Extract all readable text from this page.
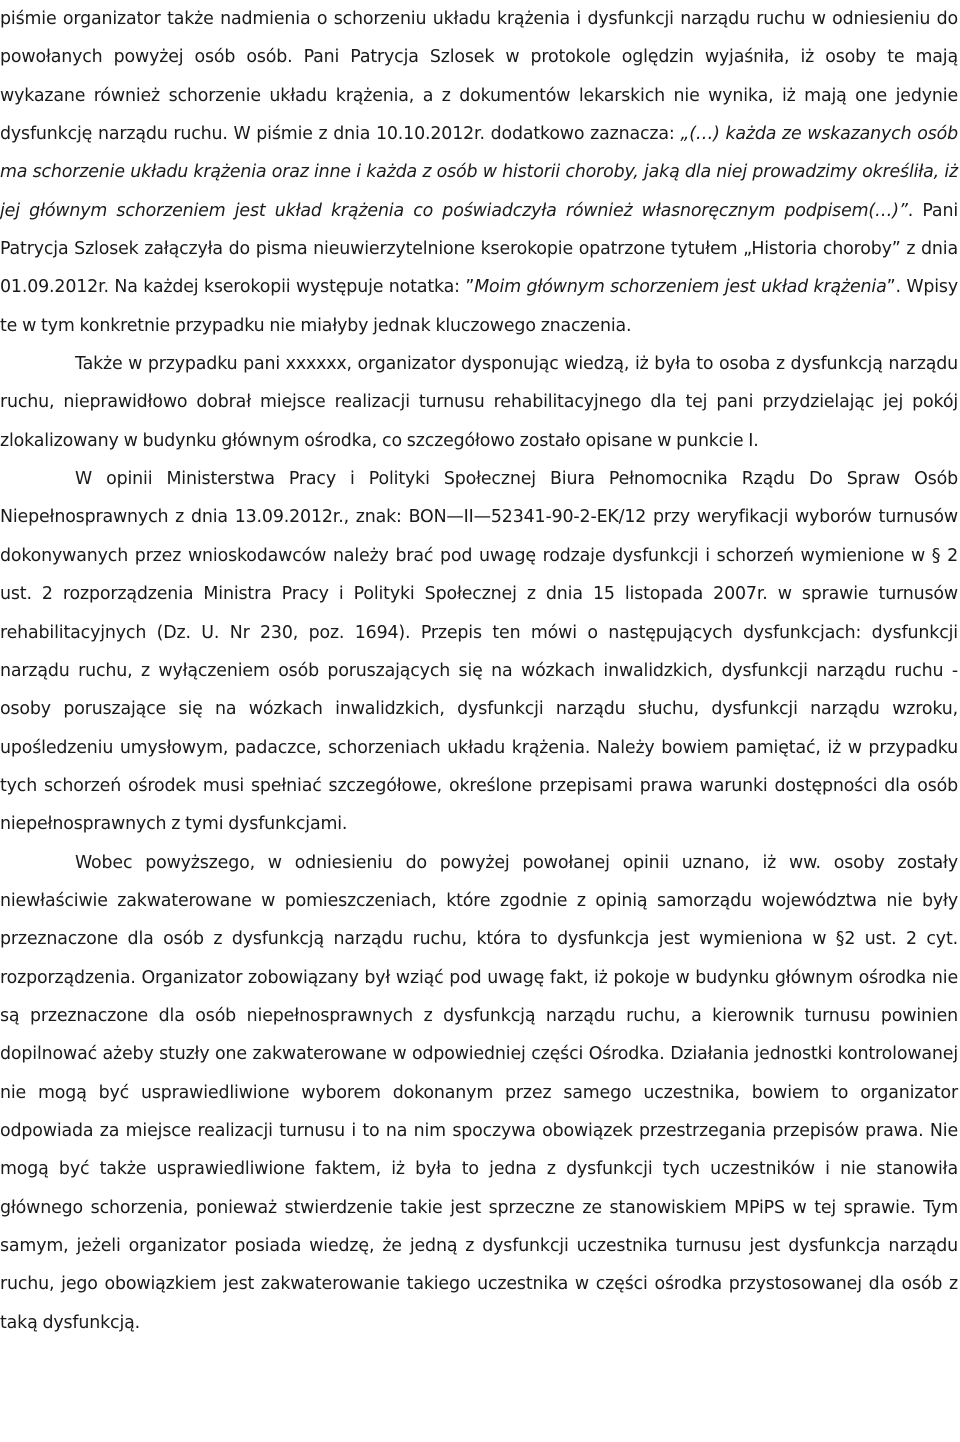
piśmie organizator także nadmienia o schorzeniu układu krążenia i dysfunkcji narządu ruchu w odniesieniu do powołanych powyżej osób osób. Pani Patrycja Szlosek w protokole oględzin wyjaśniła, iż osoby te mają wykazane również schorzenie układu krążenia, a z dokumentów lekarskich nie wynika, iż mają one jedynie dysfunkcję narządu ruchu. W piśmie z dnia 10.10.2012r. dodatkowo zaznacza: „(…) każda ze wskazanych osób ma schorzenie układu krążenia oraz inne i każda z osób w historii choroby, jaką dla niej prowadzimy określiła, iż jej głównym schorzeniem jest układ krążenia co poświadczyła również własnoręcznym podpisem(…)”. Pani Patrycja Szlosek załączyła do pisma nieuwierzytelnione kserokopie opatrzone tytułem „Historia choroby” z dnia 01.09.2012r. Na każdej kserokopii występuje notatka: ”Moim głównym schorzeniem jest układ krążenia”. Wpisy te w tym konkretnie przypadku nie miałyby jednak kluczowego znaczenia.

Także w przypadku pani xxxxxx, organizator dysponując wiedzą, iż była to osoba z dysfunkcją narządu ruchu, nieprawidłowo dobrał miejsce realizacji turnusu rehabilitacyjnego dla tej pani przydzielając jej pokój zlokalizowany w budynku głównym ośrodka, co szczegółowo zostało opisane w punkcie I.

W opinii Ministerstwa Pracy i Polityki Społecznej Biura Pełnomocnika Rządu Do Spraw Osób Niepełnosprawnych z dnia 13.09.2012r., znak: BON—II—52341-90-2-EK/12 przy weryfikacji wyborów turnusów dokonywanych przez wnioskodawców należy brać pod uwagę rodzaje dysfunkcji i schorzeń wymienione w § 2 ust. 2 rozporządzenia Ministra Pracy i Polityki Społecznej z dnia 15 listopada 2007r. w sprawie turnusów rehabilitacyjnych (Dz. U. Nr 230, poz. 1694). Przepis ten mówi o następujących dysfunkcjach: dysfunkcji narządu ruchu, z wyłączeniem osób poruszających się na wózkach inwalidzkich, dysfunkcji narządu ruchu - osoby poruszające się na wózkach inwalidzkich, dysfunkcji narządu słuchu, dysfunkcji narządu wzroku, upośledzeniu umysłowym, padaczce, schorzeniach układu krążenia. Należy bowiem pamiętać, iż w przypadku tych schorzeń ośrodek musi spełniać szczegółowe, określone przepisami prawa warunki dostępności dla osób niepełnosprawnych z tymi dysfunkcjami.

Wobec powyższego, w odniesieniu do powyżej powołanej opinii uznano, iż ww. osoby zostały niewłaściwie zakwaterowane w pomieszczeniach, które zgodnie z opinią samorządu województwa nie były przeznaczone dla osób z dysfunkcją narządu ruchu, która to dysfunkcja jest wymieniona w §2 ust. 2 cyt. rozporządzenia. Organizator zobowiązany był wziąć pod uwagę fakt, iż pokoje w budynku głównym ośrodka nie są przeznaczone dla osób niepełnosprawnych z dysfunkcją narządu ruchu, a kierownik turnusu powinien dopilnować ażeby stuzły one zakwaterowane w odpowiedniej części Ośrodka. Działania jednostki kontrolowanej nie mogą być usprawiedliwione wyborem dokonanym przez samego uczestnika, bowiem to organizator odpowiada za miejsce realizacji turnusu i to na nim spoczywa obowiązek przestrzegania przepisów prawa. Nie mogą być także usprawiedliwione faktem, iż była to jedna z dysfunkcji tych uczestników i nie stanowiła głównego schorzenia, ponieważ stwierdzenie takie jest sprzeczne ze stanowiskiem MPiPS w tej sprawie. Tym samym, jeżeli organizator posiada wiedzę, że jedną z dysfunkcji uczestnika turnusu jest dysfunkcja narządu ruchu, jego obowiązkiem jest zakwaterowanie takiego uczestnika w części ośrodka przystosowanej dla osób z taką dysfunkcją.
